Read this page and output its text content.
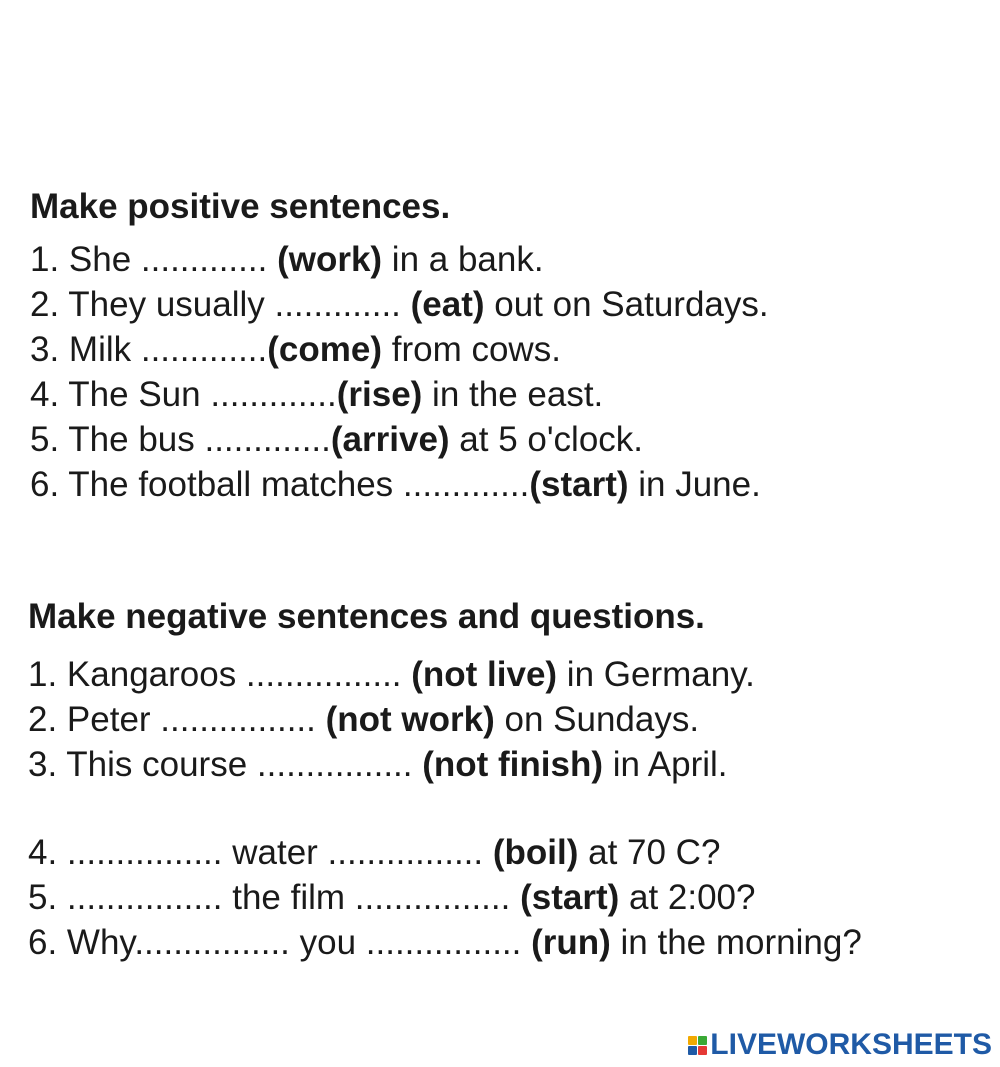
Make positive sentences.
1. She ............. (work) in a bank.
2. They usually ............. (eat) out on Saturdays.
3. Milk .............(come) from cows.
4. The Sun .............(rise) in the east.
5. The bus .............(arrive) at 5 o'clock.
6. The football matches .............(start) in June.
Make negative sentences and questions.
1. Kangaroos ................ (not live) in Germany.
2. Peter ................ (not work) on Sundays.
3. This course ................ (not finish) in April.
4. ................ water ................ (boil) at 70 C?
5. ................ the film ................ (start) at 2:00?
6. Why................ you ................ (run) in the morning?
LIVEWORKSHEETS
